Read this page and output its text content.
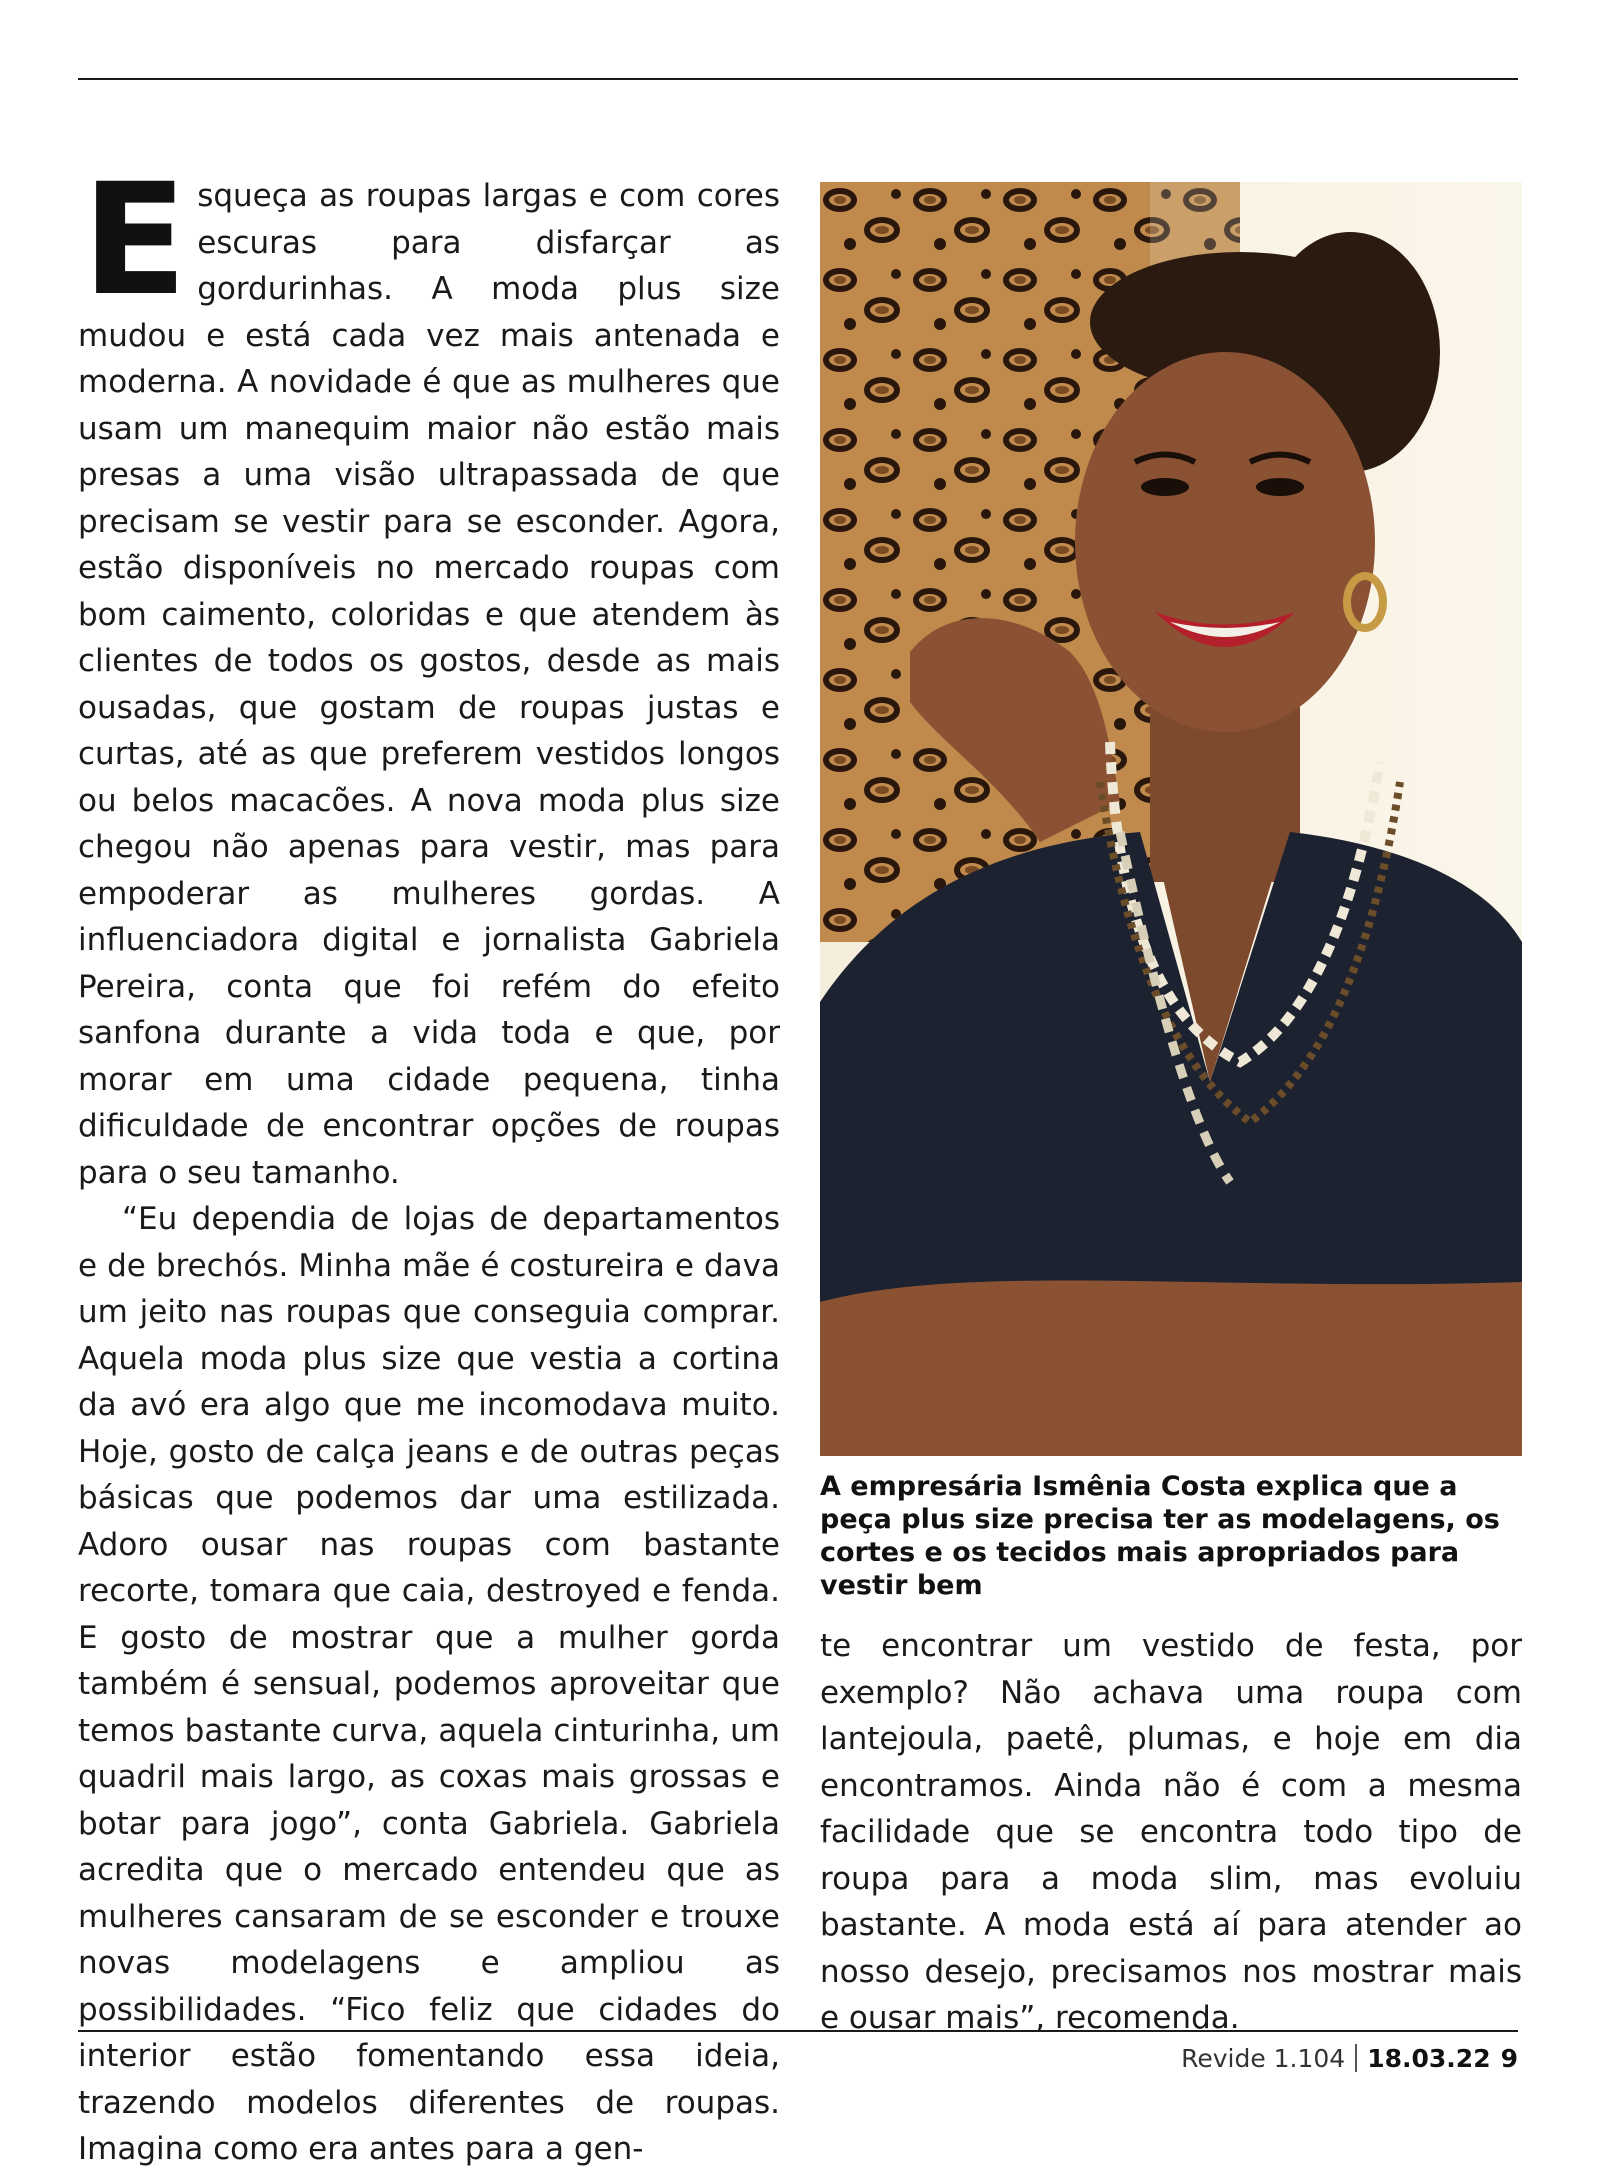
Esqueça as roupas largas e com cores escuras para disfarçar as gordurinhas. A moda plus size mudou e está cada vez mais antenada e moderna. A novidade é que as mulheres que usam um manequim maior não estão mais presas a uma visão ultrapassada de que precisam se vestir para se esconder. Agora, estão disponíveis no mercado roupas com bom caimento, coloridas e que atendem às clientes de todos os gostos, desde as mais ousadas, que gostam de roupas justas e curtas, até as que preferem vestidos longos ou belos macacões. A nova moda plus size chegou não apenas para vestir, mas para empoderar as mulheres gordas. A influenciadora digital e jornalista Gabriela Pereira, conta que foi refém do efeito sanfona durante a vida toda e que, por morar em uma cidade pequena, tinha dificuldade de encontrar opções de roupas para o seu tamanho.

“Eu dependia de lojas de departamentos e de brechós. Minha mãe é costureira e dava um jeito nas roupas que conseguia comprar. Aquela moda plus size que vestia a cortina da avó era algo que me incomodava muito. Hoje, gosto de calça jeans e de outras peças básicas que podemos dar uma estilizada. Adoro ousar nas roupas com bastante recorte, tomara que caia, destroyed e fenda. E gosto de mostrar que a mulher gorda também é sensual, podemos aproveitar que temos bastante curva, aquela cinturinha, um quadril mais largo, as coxas mais grossas e botar para jogo”, conta Gabriela. Gabriela acredita que o mercado entendeu que as mulheres cansaram de se esconder e trouxe novas modelagens e ampliou as possibilidades. “Fico feliz que cidades do interior estão fomentando essa ideia, trazendo modelos diferentes de roupas. Imagina como era antes para a gen-

A empresária Ismênia Costa explica que a peça plus size precisa ter as modelagens, os cortes e os tecidos mais apropriados para vestir bem

te encontrar um vestido de festa, por exemplo? Não achava uma roupa com lantejoula, paetê, plumas, e hoje em dia encontramos. Ainda não é com a mesma facilidade que se encontra todo tipo de roupa para a moda slim, mas evoluiu bastante. A moda está aí para atender ao nosso desejo, precisamos nos mostrar mais e ousar mais”, recomenda.

Revide 1.104 18.03.22 9
